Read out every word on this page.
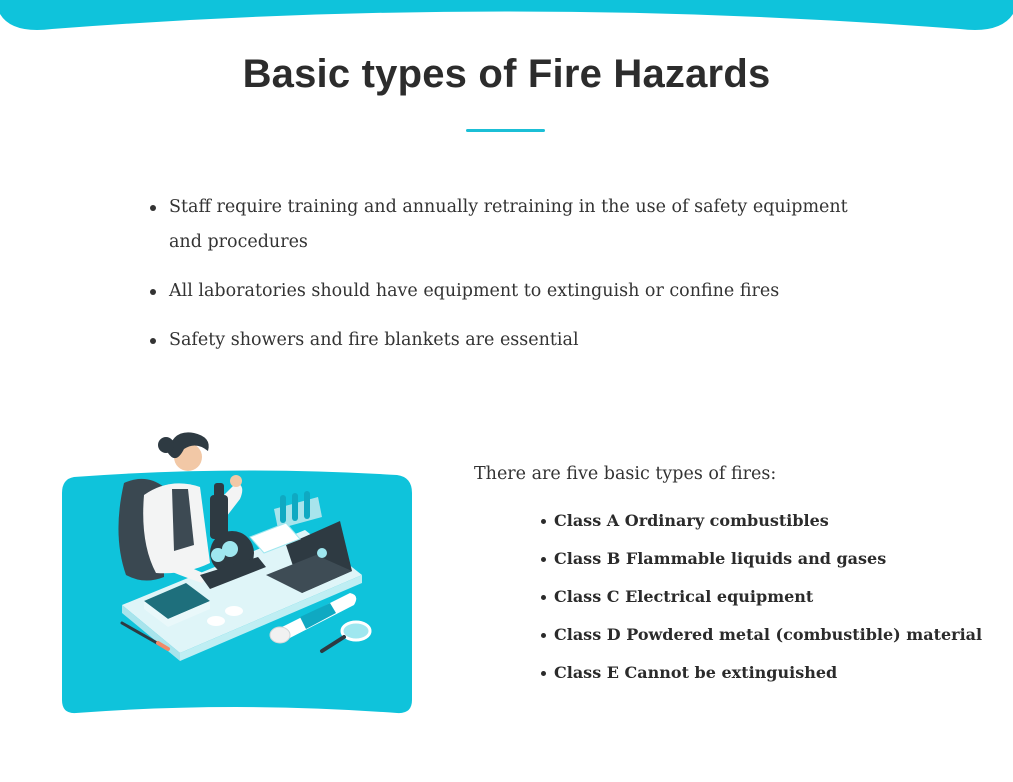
Basic types of Fire Hazards
Staff require training and annually retraining in the use of safety equipment and procedures
All laboratories should have equipment to extinguish or confine fires
Safety showers and fire blankets are essential

There are five basic types of fires:

Class A Ordinary combustibles
Class B Flammable liquids and gases
Class C Electrical equipment
Class D Powdered metal (combustible) material
Class E Cannot be extinguished
